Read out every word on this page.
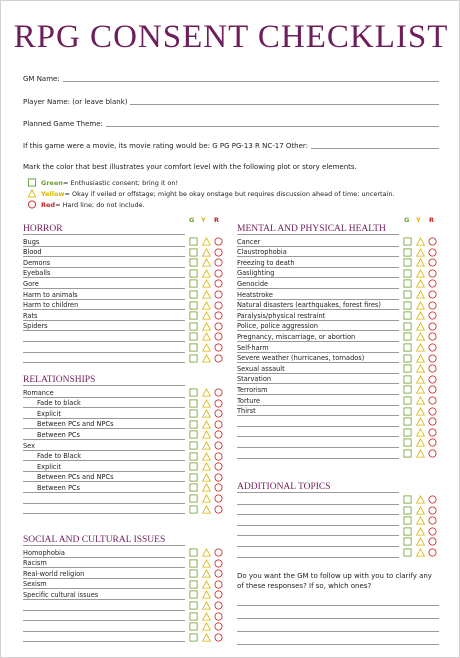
RPG CONSENT CHECKLIST
GM Name:
Player Name: (or leave blank)
Planned Game Theme:
If this game were a movie, its movie rating would be: G PG PG-13 R NC-17 Other:
Mark the color that best illustrates your comfort level with the following plot or story elements.
Green = Enthusiastic consent; bring it on!
Yellow = Okay if veiled or offstage; might be okay onstage but requires discussion ahead of time; uncertain.
Red = Hard line; do not include.
G Y R
HORROR
Bugs
Blood
Demons
Eyeballs
Gore
Harm to animals
Harm to children
Rats
Spiders
RELATIONSHIPS
Romance
Fade to black
Explicit
Between PCs and NPCs
Between PCs
Sex
Fade to Black
Explicit
Between PCs and NPCs
Between PCs
SOCIAL AND CULTURAL ISSUES
Homophobia
Racism
Real-world religion
Sexism
Specific cultural issues
G Y R
MENTAL AND PHYSICAL HEALTH
Cancer
Claustrophobia
Freezing to death
Gaslighting
Genocide
Heatstroke
Natural disasters (earthquakes, forest fires)
Paralysis/physical restraint
Police, police aggression
Pregnancy, miscarriage, or abortion
Self-harm
Severe weather (hurricanes, tornados)
Sexual assault
Starvation
Terrorism
Torture
Thirst
ADDITIONAL TOPICS
Do you want the GM to follow up with you to clarify any of these responses? If so, which ones?
